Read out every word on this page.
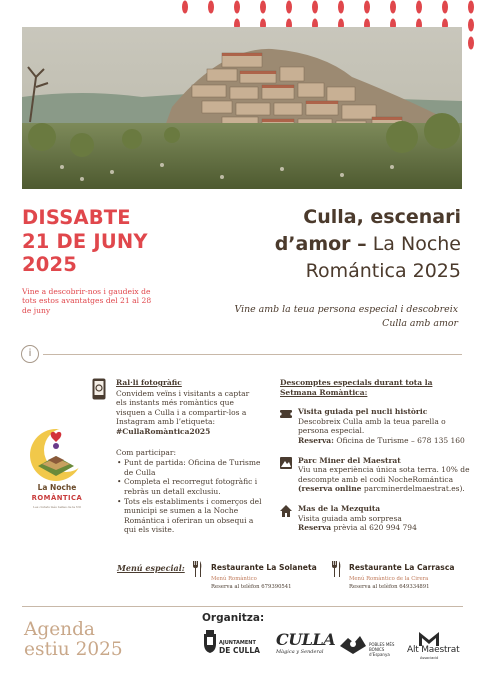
DISSABTE
21 DE JUNY
2025
Vine a descobrir-nos i gaudeix de tots estos avantatges del 21 al 28 de juny
Culla, escenari
d’amor – La Noche
Romántica 2025
Vine amb la teua persona especial i descobreix Culla amb amor
i
La Noche
ROMÀNTICA
Les ciutats més belles de la Nit
Ral·li fotogràfic
Convidem veïns i visitants a captar els instants més romàntics que visquen a Culla i a compartir-los a Instagram amb l’etiqueta:
#CullaRomàntica2025
Com participar:
• Punt de partida: Oficina de Turisme de Culla
• Completa el recorregut fotogràfic i rebràs un detall exclusiu.
• Tots els establiments i comerços del municipi se sumen a la Noche Romántica i oferiran un obsequi a qui els visite.
Descomptes especials durant tota la Setmana Romàntica:
Visita guiada pel nucli històric
Descobreix Culla amb la teua parella o persona especial.
Reserva: Oficina de Turisme – 678 135 160
Parc Miner del Maestrat
Viu una experiència única sota terra. 10% de descompte amb el codi NocheRomántica (reserva online parcminerdelmaestrat.es).
Mas de la Mezquita
Visita guiada amb sorpresa
Reserva prèvia al 620 994 794
Menú especial:	Restaurante La Solaneta
Menú Romàntico
Reserva al telèfon 679390541
Restaurante La Carrasca
Menú Romàntico de la Cirera
Reserva al telèfon 649334891
Agenda
estiu 2025
Organitza:
AJUNTAMENT
DE CULLA
CULLA
Màgica y Senderal
POBLES MÉS
BONICS
d’Espanya	Alt Maestrat
Associació
